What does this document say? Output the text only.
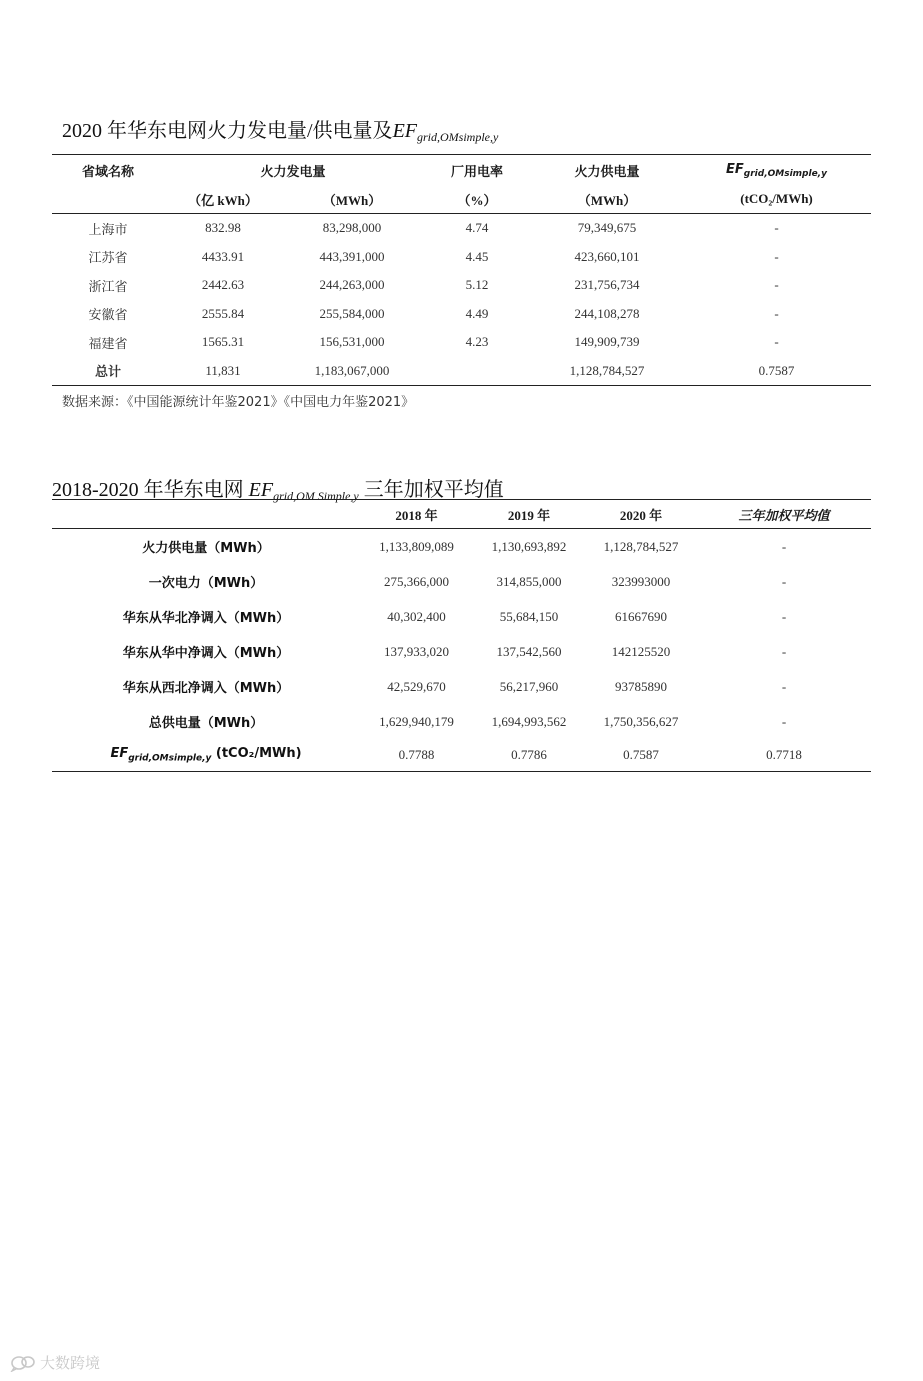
2020 年华东电网火力发电量/供电量及$EF_{grid,OMsimple,y}$
省域名称	火力发电量		厂用电率	火力供电量	$EF_{grid,OMsimple,y}$
	（亿 kWh）	（MWh）	（%）	（MWh）	(tCO₂/MWh)
上海市	832.98	83,298,000	4.74	79,349,675	-
江苏省	4433.91	443,391,000	4.45	423,660,101	-
浙江省	2442.63	244,263,000	5.12	231,756,734	-
安徽省	2555.84	255,584,000	4.49	244,108,278	-
福建省	1565.31	156,531,000	4.23	149,909,739	-
总计	11,831	1,183,067,000		1,128,784,527	0.7587
数据来源：《中国能源统计年鉴2021》《中国电力年鉴2021》
2018-2020 年华东电网 $EF_{grid,OM Simple,y}$ 三年加权平均值
	2018 年	2019 年	2020 年	三年加权平均值
火力供电量（MWh）	1,133,809,089	1,130,693,892	1,128,784,527	-
一次电力（MWh）	275,366,000	314,855,000	323993000	-
华东从华北净调入（MWh）	40,302,400	55,684,150	61667690	-
华东从华中净调入（MWh）	137,933,020	137,542,560	142125520	-
华东从西北净调入（MWh）	42,529,670	56,217,960	93785890	-
总供电量（MWh）	1,629,940,179	1,694,993,562	1,750,356,627	-
$EF_{grid,OMsimple,y}$ (tCO₂/MWh)	0.7788	0.7786	0.7587	0.7718
大数跨境
